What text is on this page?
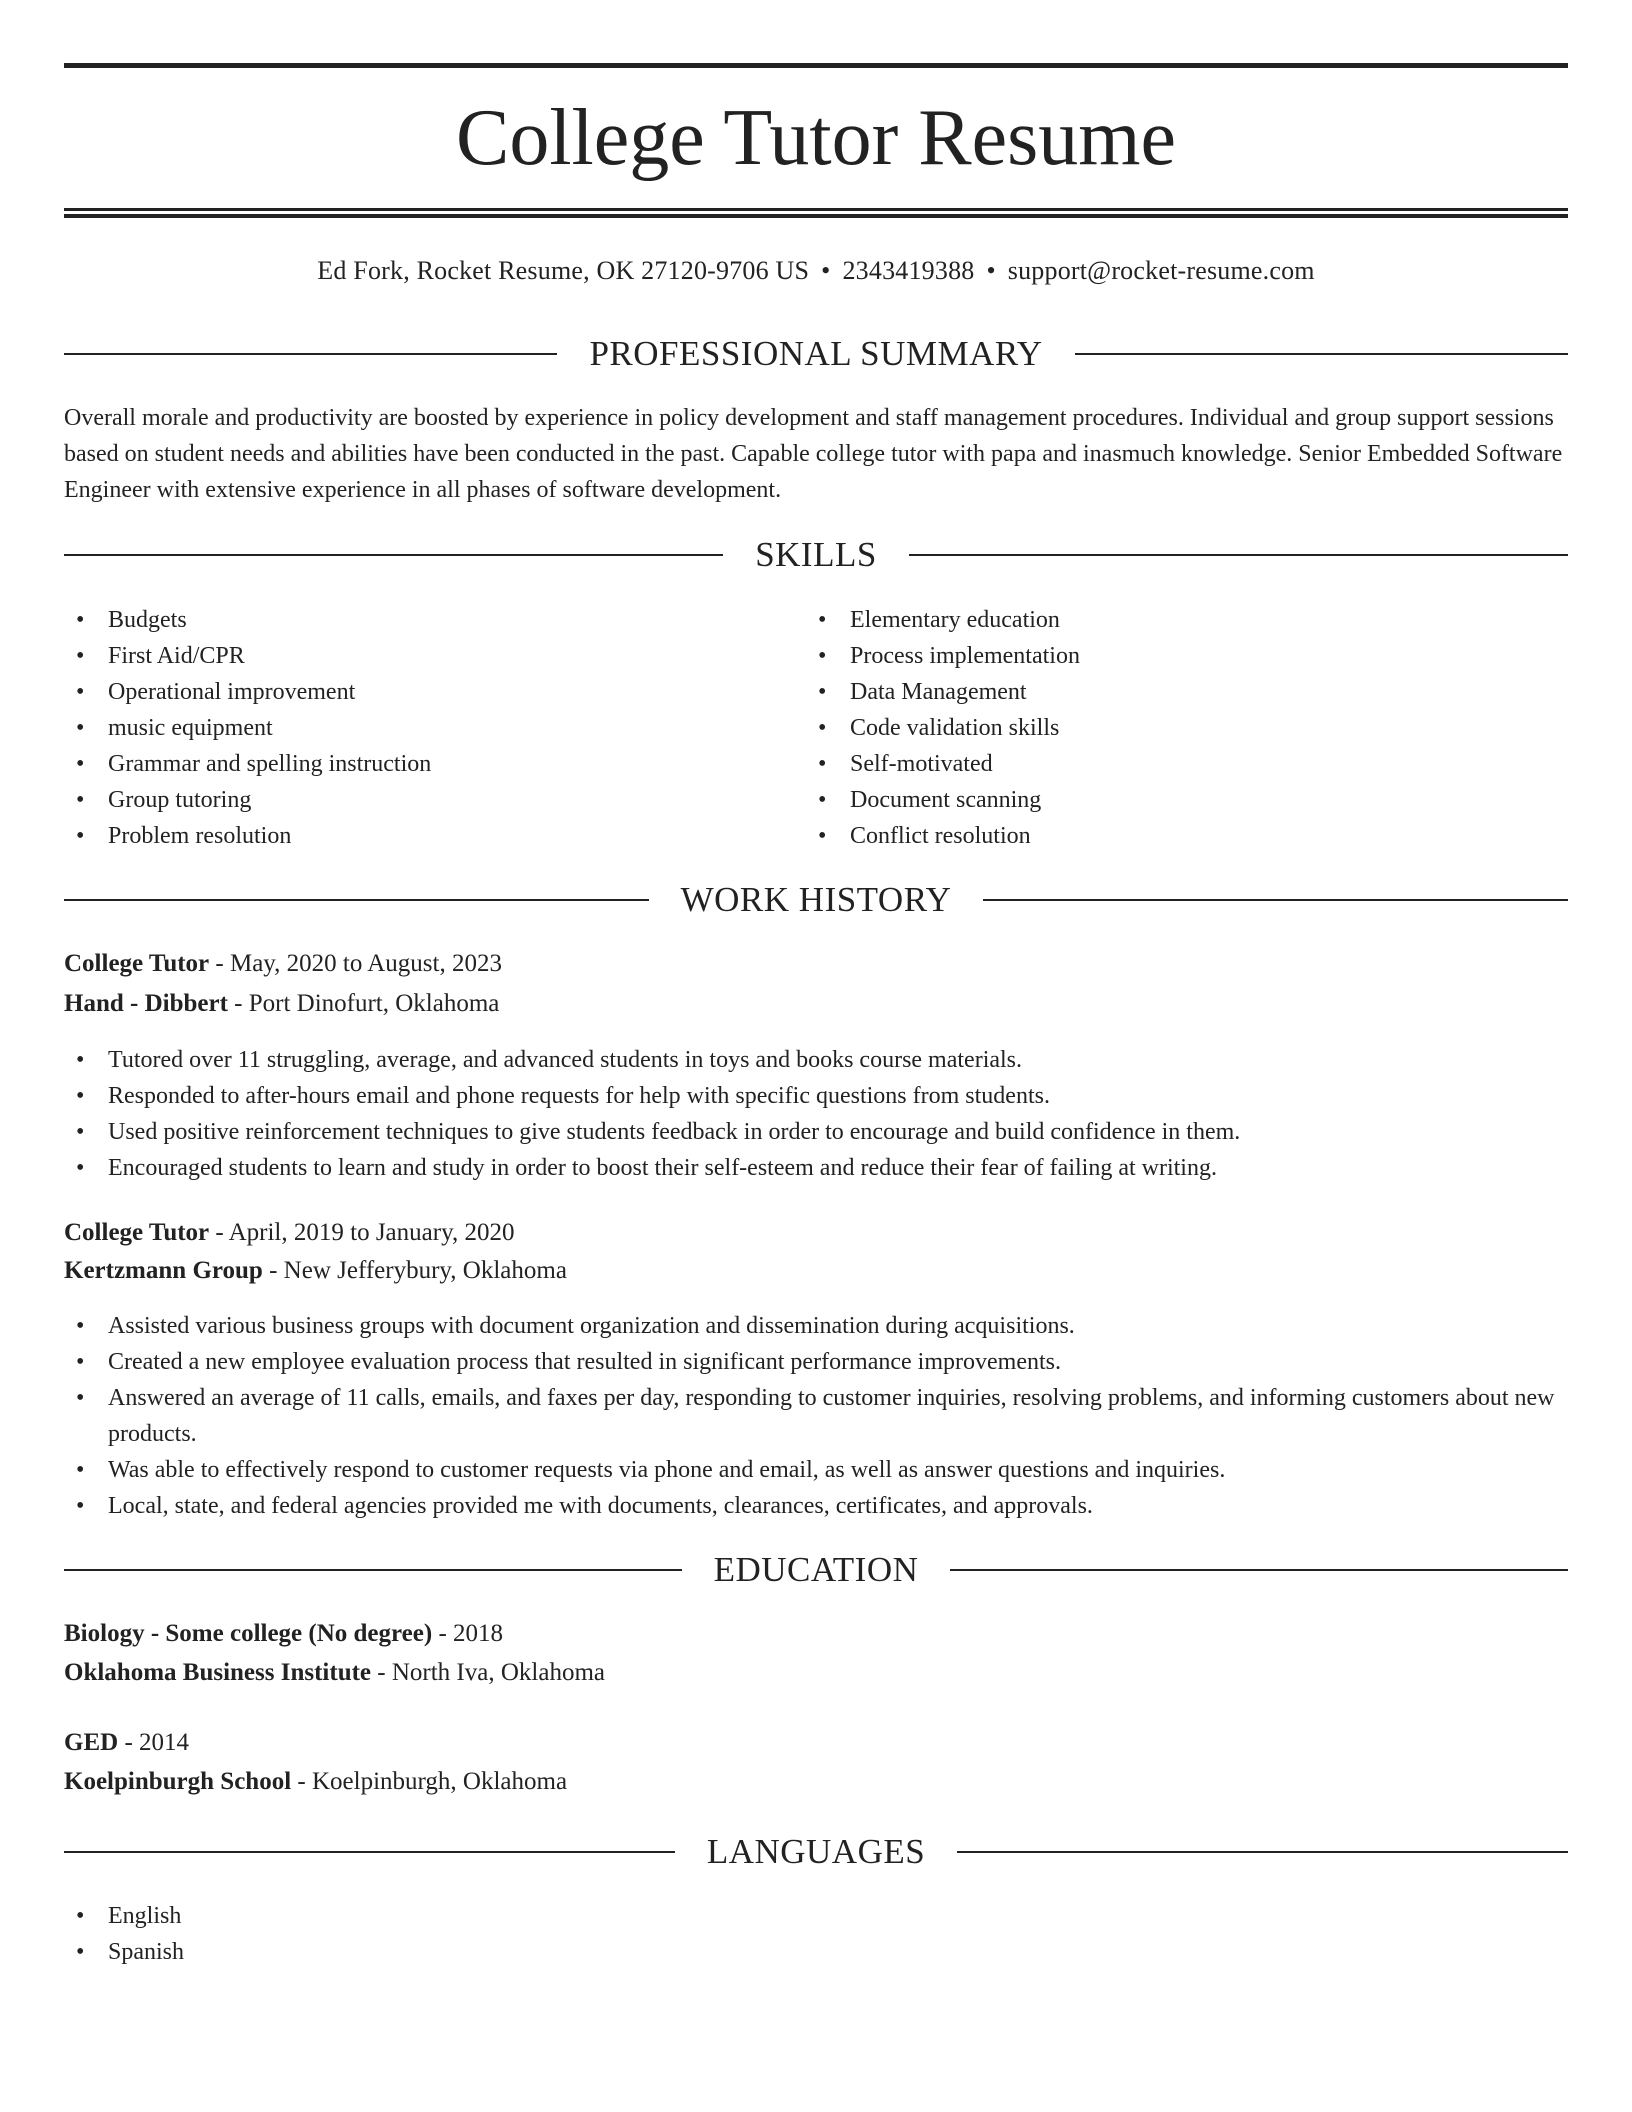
College Tutor Resume
Ed Fork, Rocket Resume, OK 27120-9706 US • 2343419388 • support@rocket-resume.com
PROFESSIONAL SUMMARY

Overall morale and productivity are boosted by experience in policy development and staff management procedures. Individual and group support sessions based on student needs and abilities have been conducted in the past. Capable college tutor with papa and inasmuch knowledge. Senior Embedded Software Engineer with extensive experience in all phases of software development.

SKILLS
• Budgets
• First Aid/CPR
• Operational improvement
• music equipment
• Grammar and spelling instruction
• Group tutoring
• Problem resolution
• Elementary education
• Process implementation
• Data Management
• Code validation skills
• Self-motivated
• Document scanning
• Conflict resolution
WORK HISTORY
College Tutor - May, 2020 to August, 2023
Hand - Dibbert - Port Dinofurt, Oklahoma
• Tutored over 11 struggling, average, and advanced students in toys and books course materials.
• Responded to after-hours email and phone requests for help with specific questions from students.
• Used positive reinforcement techniques to give students feedback in order to encourage and build confidence in them.
• Encouraged students to learn and study in order to boost their self-esteem and reduce their fear of failing at writing.
College Tutor - April, 2019 to January, 2020
Kertzmann Group - New Jefferybury, Oklahoma
• Assisted various business groups with document organization and dissemination during acquisitions.
• Created a new employee evaluation process that resulted in significant performance improvements.
• Answered an average of 11 calls, emails, and faxes per day, responding to customer inquiries, resolving problems, and informing customers about new products.
• Was able to effectively respond to customer requests via phone and email, as well as answer questions and inquiries.
• Local, state, and federal agencies provided me with documents, clearances, certificates, and approvals.
EDUCATION
Biology - Some college (No degree) - 2018
Oklahoma Business Institute - North Iva, Oklahoma
GED - 2014
Koelpinburgh School - Koelpinburgh, Oklahoma
LANGUAGES
• English
• Spanish
